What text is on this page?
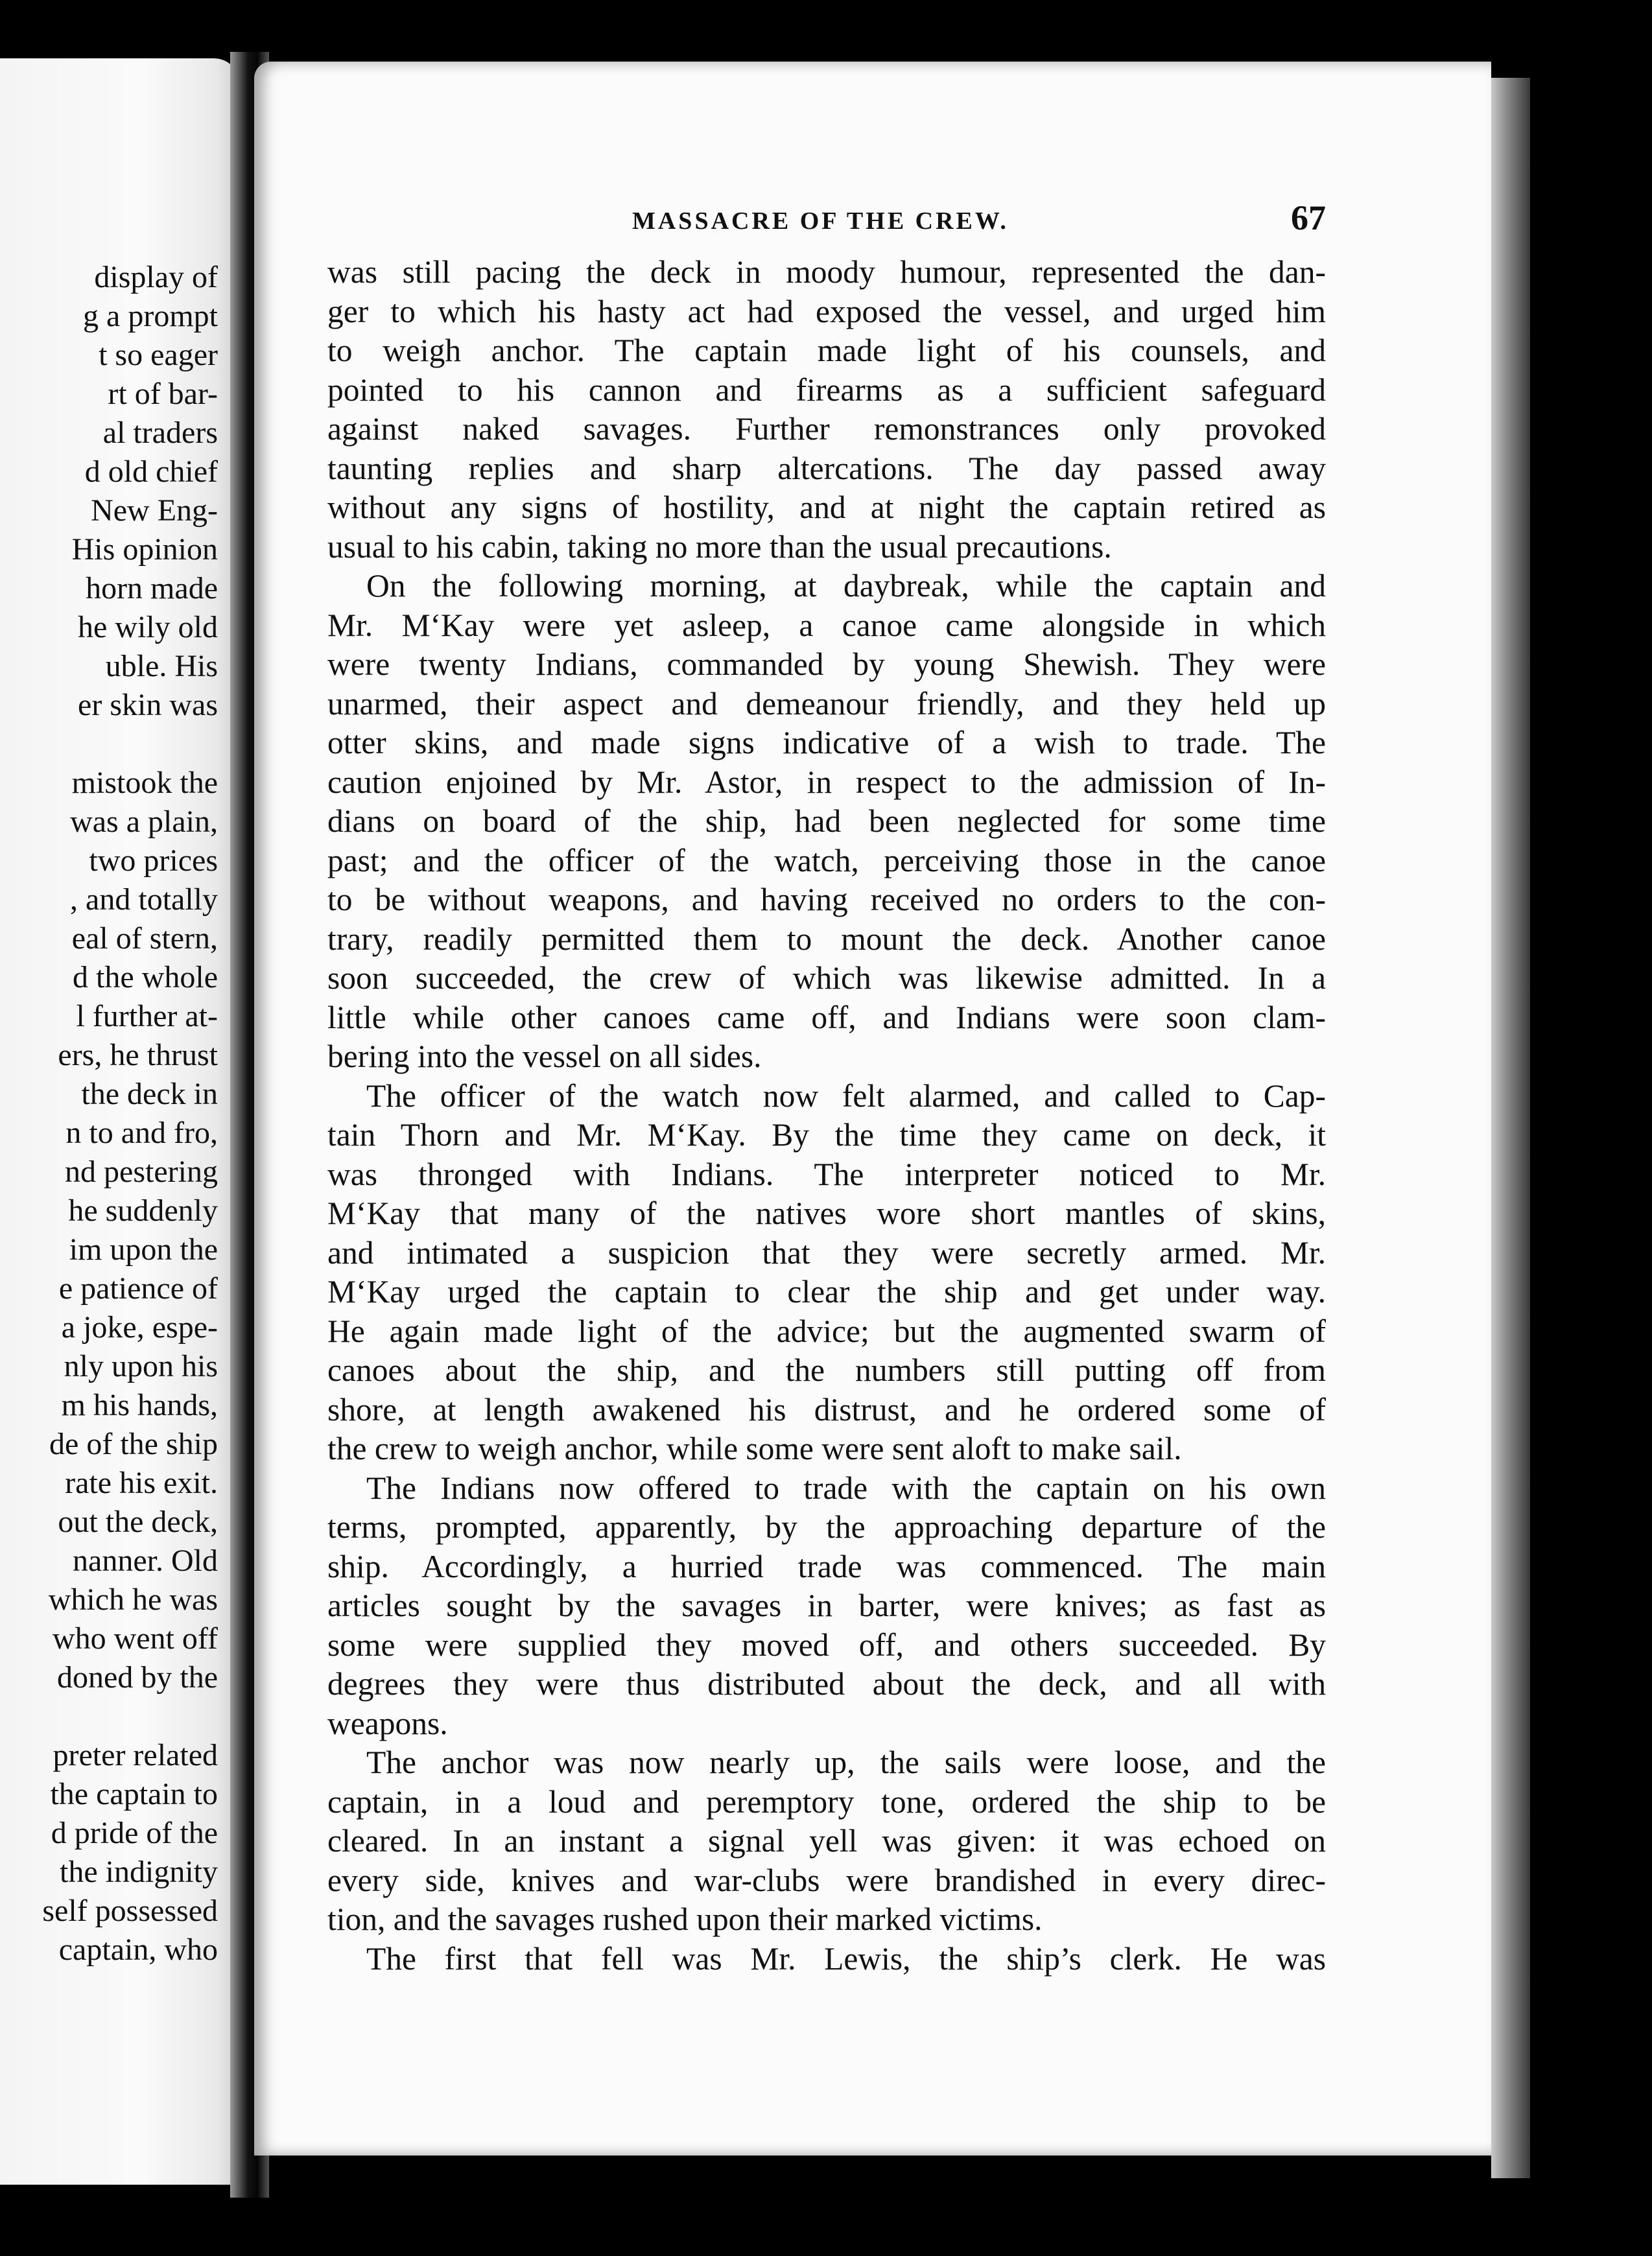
display of
g a prompt
t so eager
rt of bar-
al traders
d old chief
New Eng-
His opinion
horn made
he wily old
uble. His
er skin was
mistook the
was a plain,
two prices
, and totally
eal of stern,
d the whole
l further at-
ers, he thrust
the deck in
n to and fro,
nd pestering
he suddenly
im upon the
e patience of
a joke, espe-
nly upon his
m his hands,
de of the ship
rate his exit.
out the deck,
nanner. Old
which he was
who went off
doned by the
preter related
the captain to
d pride of the
the indignity
self possessed
captain, who
MASSACRE OF THE CREW.	67
was still pacing the deck in moody humour, represented the dan-
ger to which his hasty act had exposed the vessel, and urged him
to weigh anchor. The captain made light of his counsels, and
pointed to his cannon and firearms as a sufficient safeguard
against naked savages. Further remonstrances only provoked
taunting replies and sharp altercations. The day passed away
without any signs of hostility, and at night the captain retired as
usual to his cabin, taking no more than the usual precautions.
On the following morning, at daybreak, while the captain and
Mr. M‘Kay were yet asleep, a canoe came alongside in which
were twenty Indians, commanded by young Shewish. They were
unarmed, their aspect and demeanour friendly, and they held up
otter skins, and made signs indicative of a wish to trade. The
caution enjoined by Mr. Astor, in respect to the admission of In-
dians on board of the ship, had been neglected for some time
past; and the officer of the watch, perceiving those in the canoe
to be without weapons, and having received no orders to the con-
trary, readily permitted them to mount the deck. Another canoe
soon succeeded, the crew of which was likewise admitted. In a
little while other canoes came off, and Indians were soon clam-
bering into the vessel on all sides.
The officer of the watch now felt alarmed, and called to Cap-
tain Thorn and Mr. M‘Kay. By the time they came on deck, it
was thronged with Indians. The interpreter noticed to Mr.
M‘Kay that many of the natives wore short mantles of skins,
and intimated a suspicion that they were secretly armed. Mr.
M‘Kay urged the captain to clear the ship and get under way.
He again made light of the advice; but the augmented swarm of
canoes about the ship, and the numbers still putting off from
shore, at length awakened his distrust, and he ordered some of
the crew to weigh anchor, while some were sent aloft to make sail.
The Indians now offered to trade with the captain on his own
terms, prompted, apparently, by the approaching departure of the
ship. Accordingly, a hurried trade was commenced. The main
articles sought by the savages in barter, were knives; as fast as
some were supplied they moved off, and others succeeded. By
degrees they were thus distributed about the deck, and all with
weapons.
The anchor was now nearly up, the sails were loose, and the
captain, in a loud and peremptory tone, ordered the ship to be
cleared. In an instant a signal yell was given: it was echoed on
every side, knives and war-clubs were brandished in every direc-
tion, and the savages rushed upon their marked victims.
The first that fell was Mr. Lewis, the ship’s clerk. He was
